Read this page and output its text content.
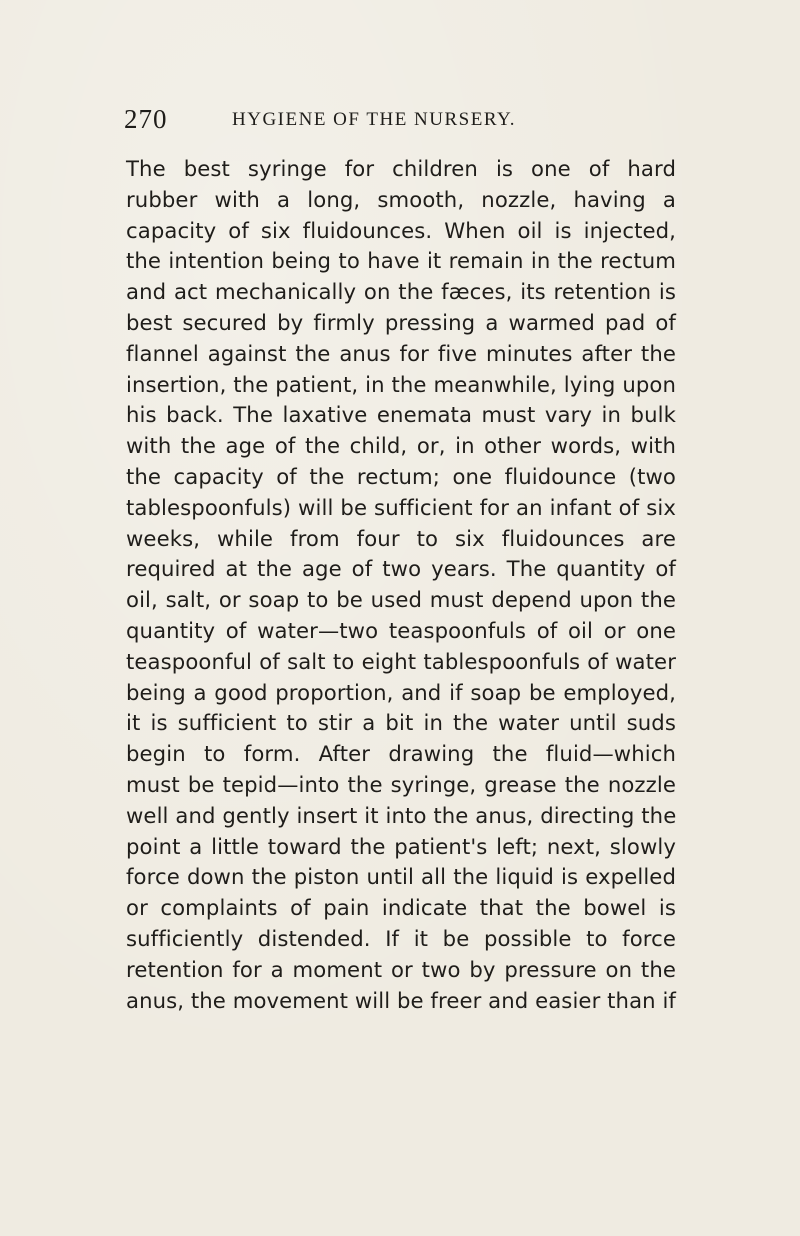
270	HYGIENE OF THE NURSERY.
The best syringe for children is one of hard
rubber with a long, smooth, nozzle, having a
capacity of six fluidounces. When oil is injected,
the intention being to have it remain in the rectum
and act mechanically on the fæces, its retention is
best secured by firmly pressing a warmed pad of
flannel against the anus for five minutes after the
insertion, the patient, in the meanwhile, lying upon
his back. The laxative enemata must vary in bulk
with the age of the child, or, in other words, with
the capacity of the rectum; one fluidounce (two
tablespoonfuls) will be sufficient for an infant of six
weeks, while from four to six fluidounces are
required at the age of two years. The quantity of
oil, salt, or soap to be used must depend upon the
quantity of water—two teaspoonfuls of oil or one
teaspoonful of salt to eight tablespoonfuls of water
being a good proportion, and if soap be employed,
it is sufficient to stir a bit in the water until suds
begin to form. After drawing the fluid—which
must be tepid—into the syringe, grease the nozzle
well and gently insert it into the anus, directing the
point a little toward the patient's left; next, slowly
force down the piston until all the liquid is expelled
or complaints of pain indicate that the bowel is
sufficiently distended. If it be possible to force
retention for a moment or two by pressure on the
anus, the movement will be freer and easier than if
